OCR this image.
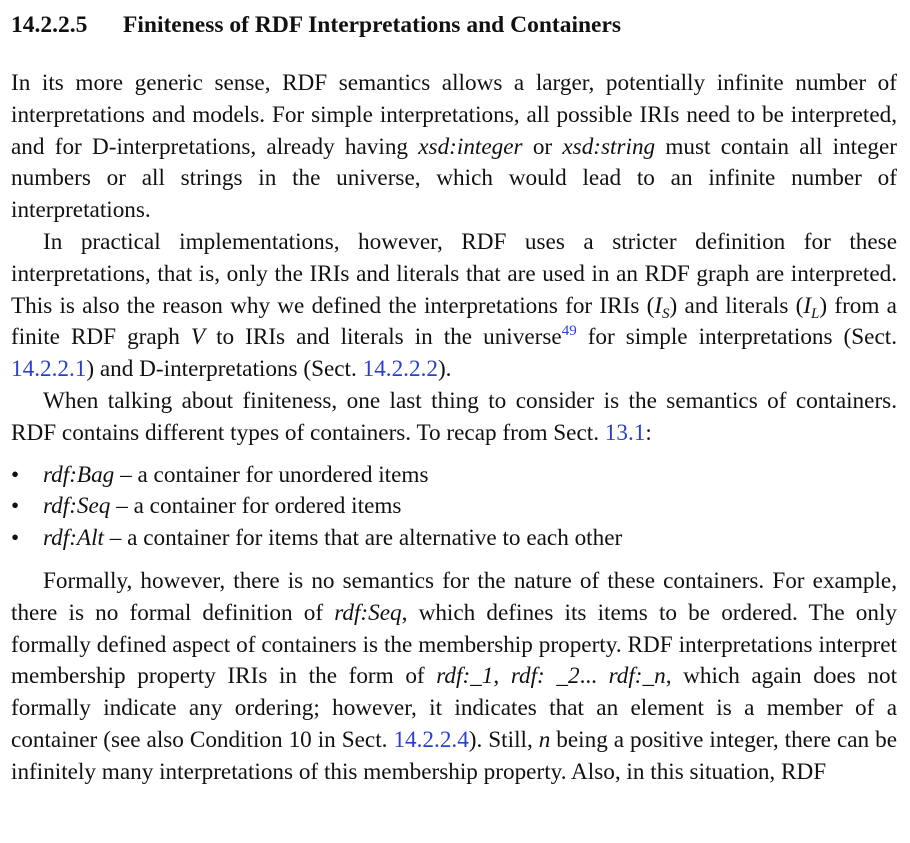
14.2.2.5 Finiteness of RDF Interpretations and Containers

In its more generic sense, RDF semantics allows a larger, potentially infinite number of interpretations and models. For simple interpretations, all possible IRIs need to be interpreted, and for D-interpretations, already having xsd:integer or xsd:string must contain all integer numbers or all strings in the universe, which would lead to an infinite number of interpretations.

In practical implementations, however, RDF uses a stricter definition for these interpretations, that is, only the IRIs and literals that are used in an RDF graph are interpreted. This is also the reason why we defined the interpretations for IRIs $(I_S)$ and literals $(I_L)$ from a finite RDF graph V to IRIs and literals in the universe$^{49}$ for simple interpretations (Sect. 14.2.2.1) and D-interpretations (Sect. 14.2.2.2).

When talking about finiteness, one last thing to consider is the semantics of containers. RDF contains different types of containers. To recap from Sect. 13.1:

• rdf:Bag – a container for unordered items
• rdf:Seq – a container for ordered items
• rdf:Alt – a container for items that are alternative to each other

Formally, however, there is no semantics for the nature of these containers. For example, there is no formal definition of rdf:Seq, which defines its items to be ordered. The only formally defined aspect of containers is the membership property. RDF interpretations interpret membership property IRIs in the form of rdf:_1, rdf: _2... rdf:_n, which again does not formally indicate any ordering; however, it indicates that an element is a member of a container (see also Condition 10 in Sect. 14.2.2.4). Still, n being a positive integer, there can be infinitely many interpretations of this membership property. Also, in this situation, RDF
